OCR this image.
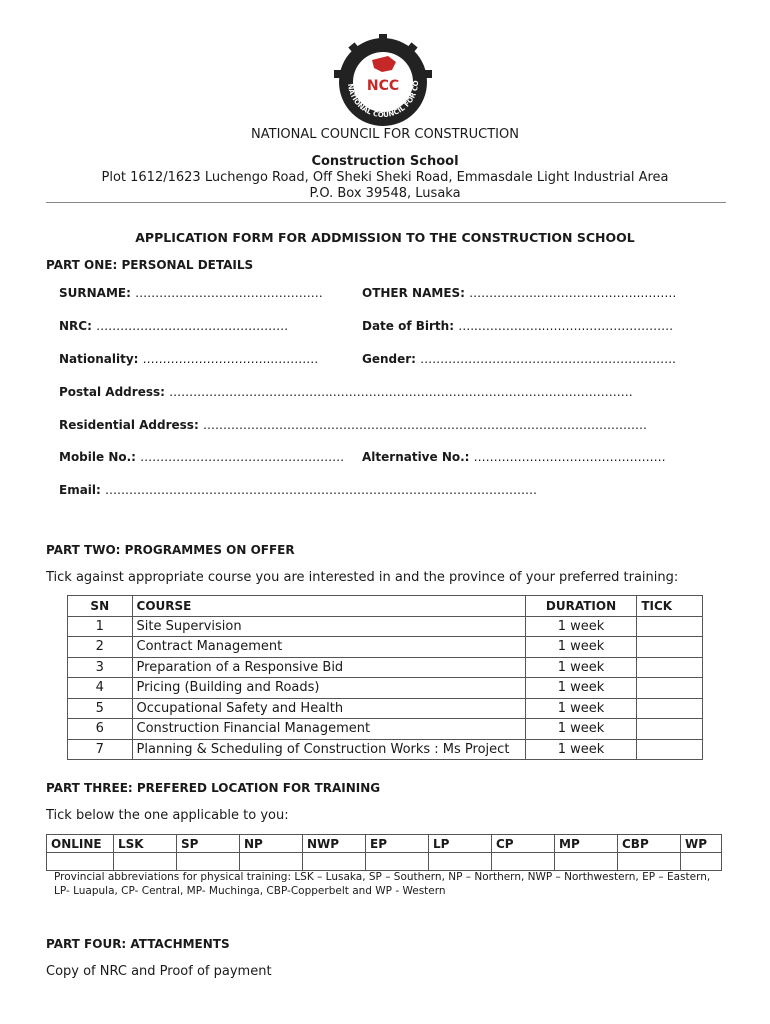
NATIONAL COUNCIL FOR CO
NCC
NATIONAL COUNCIL FOR CONSTRUCTION
Construction School
Plot 1612/1623 Luchengo Road, Off Sheki Sheki Road, Emmasdale Light Industrial Area
P.O. Box 39548, Lusaka
APPLICATION FORM FOR ADDMISSION TO THE CONSTRUCTION SCHOOL
PART ONE: PERSONAL DETAILS
SURNAME: ………….………….…………………	OTHER NAMES: ……………..…………….……….………
NRC: …………………………………………	Date of Birth: …..……………..……….………….………
Nationality: …………………………..…………	Gender: ……………………………………………………….
Postal Address: …………………………………..…………………………………………………………………
Residential Address: …………………………………………………………………………………………………
Mobile No.: …………………………………………… Alternative No.: …………………………………………
Email: ………………………………………………………………………………………………
PART TWO: PROGRAMMES ON OFFER
Tick against appropriate course you are interested in and the province of your preferred training:
SN	COURSE	DURATION	TICK
1	Site Supervision	1 week	
2	Contract Management	1 week	
3	Preparation of a Responsive Bid	1 week	
4	Pricing (Building and Roads)	1 week	
5	Occupational Safety and Health	1 week	
6	Construction Financial Management	1 week	
7	Planning & Scheduling of Construction Works : Ms Project	1 week	
PART THREE: PREFERED LOCATION FOR TRAINING
Tick below the one applicable to you:
ONLINE	LSK	SP	NP	NWP	EP	LP	CP	MP	CBP	WP

Provincial abbreviations for physical training: LSK – Lusaka, SP – Southern, NP – Northern, NWP – Northwestern, EP – Eastern, LP- Luapula, CP- Central, MP- Muchinga, CBP-Copperbelt and WP - Western
PART FOUR: ATTACHMENTS
Copy of NRC and Proof of payment
